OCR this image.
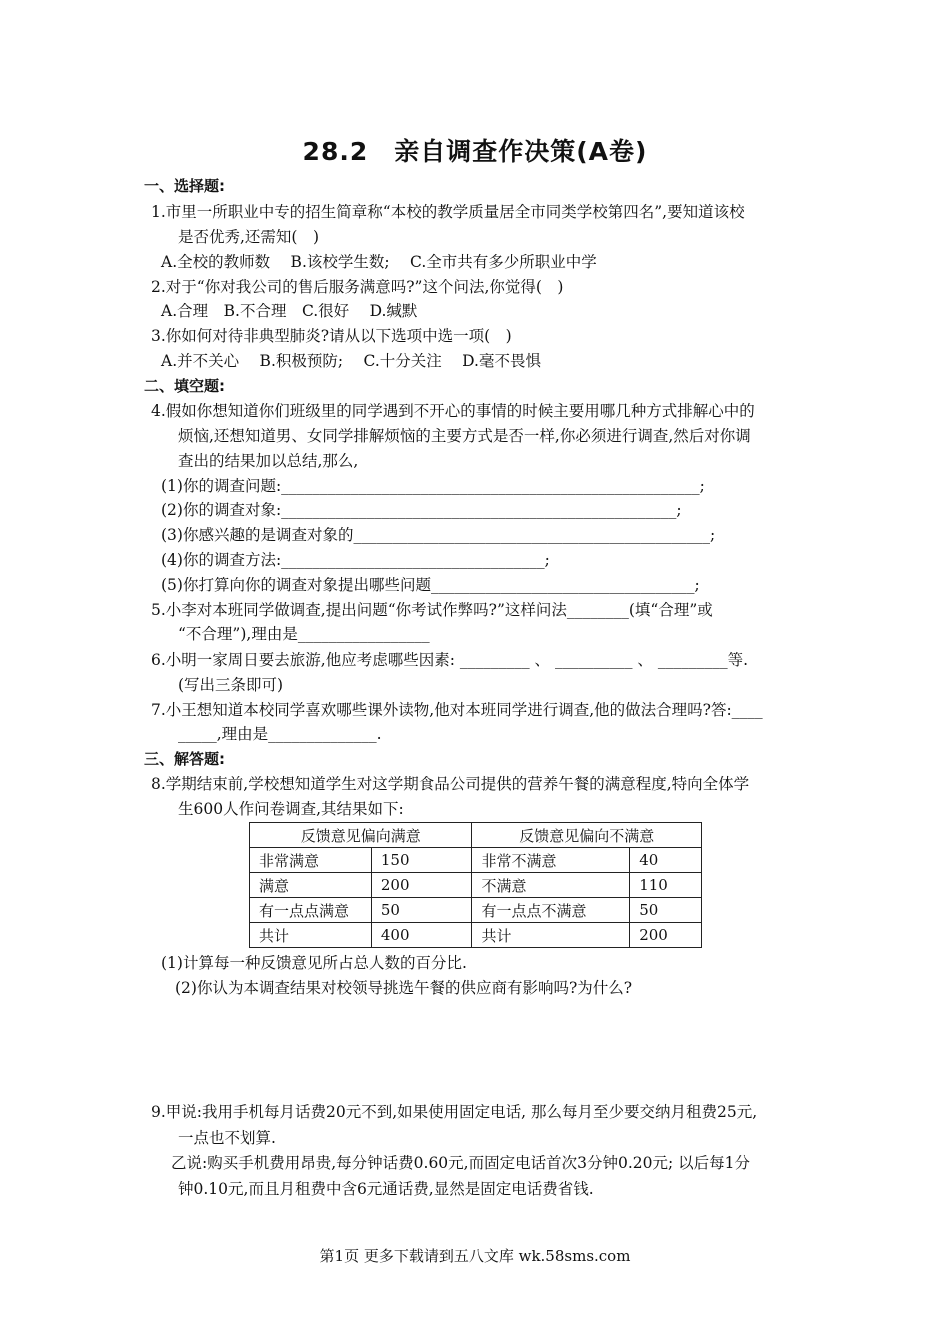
28.2　亲自调查作决策(A卷)
一、选择题:
1.市里一所职业中专的招生简章称“本校的教学质量居全市同类学校第四名”,要知道该校
是否优秀,还需知(　)
A.全校的教师数　 B.该校学生数;　 C.全市共有多少所职业中学
2.对于“你对我公司的售后服务满意吗?”这个问法,你觉得(　)
A.合理　B.不合理　C.很好　 D.缄默
3.你如何对待非典型肺炎?请从以下选项中选一项(　)
A.并不关心　 B.积极预防;　 C.十分关注　 D.毫不畏惧
二、填空题:
4.假如你想知道你们班级里的同学遇到不开心的事情的时候主要用哪几种方式排解心中的
烦恼,还想知道男、女同学排解烦恼的主要方式是否一样,你必须进行调查,然后对你调
查出的结果加以总结,那么,
(1)你的调查问题:______________________________________________________;
(2)你的调查对象:___________________________________________________;
(3)你感兴趣的是调查对象的______________________________________________;
(4)你的调查方法:__________________________________;
(5)你打算向你的调查对象提出哪些问题__________________________________;
5.小李对本班同学做调查,提出问题“你考试作弊吗?”这样问法________(填“合理”或
“不合理”),理由是_________________
6.小明一家周日要去旅游,他应考虑哪些因素: _________ 、 __________ 、 _________等.
(写出三条即可)
7.小王想知道本校同学喜欢哪些课外读物,他对本班同学进行调查,他的做法合理吗?答:____
_____,理由是______________.
三、解答题:
8.学期结束前,学校想知道学生对这学期食品公司提供的营养午餐的满意程度,特向全体学
生600人作问卷调查,其结果如下:
反馈意见偏向满意		反馈意见偏向不满意	
非常满意	150	非常不满意	40
满意	200	不满意	110
有一点点满意	50	有一点点不满意	50
共计	400	共计	200
(1)计算每一种反馈意见所占总人数的百分比.
(2)你认为本调查结果对校领导挑选午餐的供应商有影响吗?为什么?
9.甲说:我用手机每月话费20元不到,如果使用固定电话, 那么每月至少要交纳月租费25元,
一点也不划算.
乙说:购买手机费用昂贵,每分钟话费0.60元,而固定电话首次3分钟0.20元; 以后每1分
钟0.10元,而且月租费中含6元通话费,显然是固定电话费省钱.
第1页 更多下载请到五八文库 wk.58sms.com
